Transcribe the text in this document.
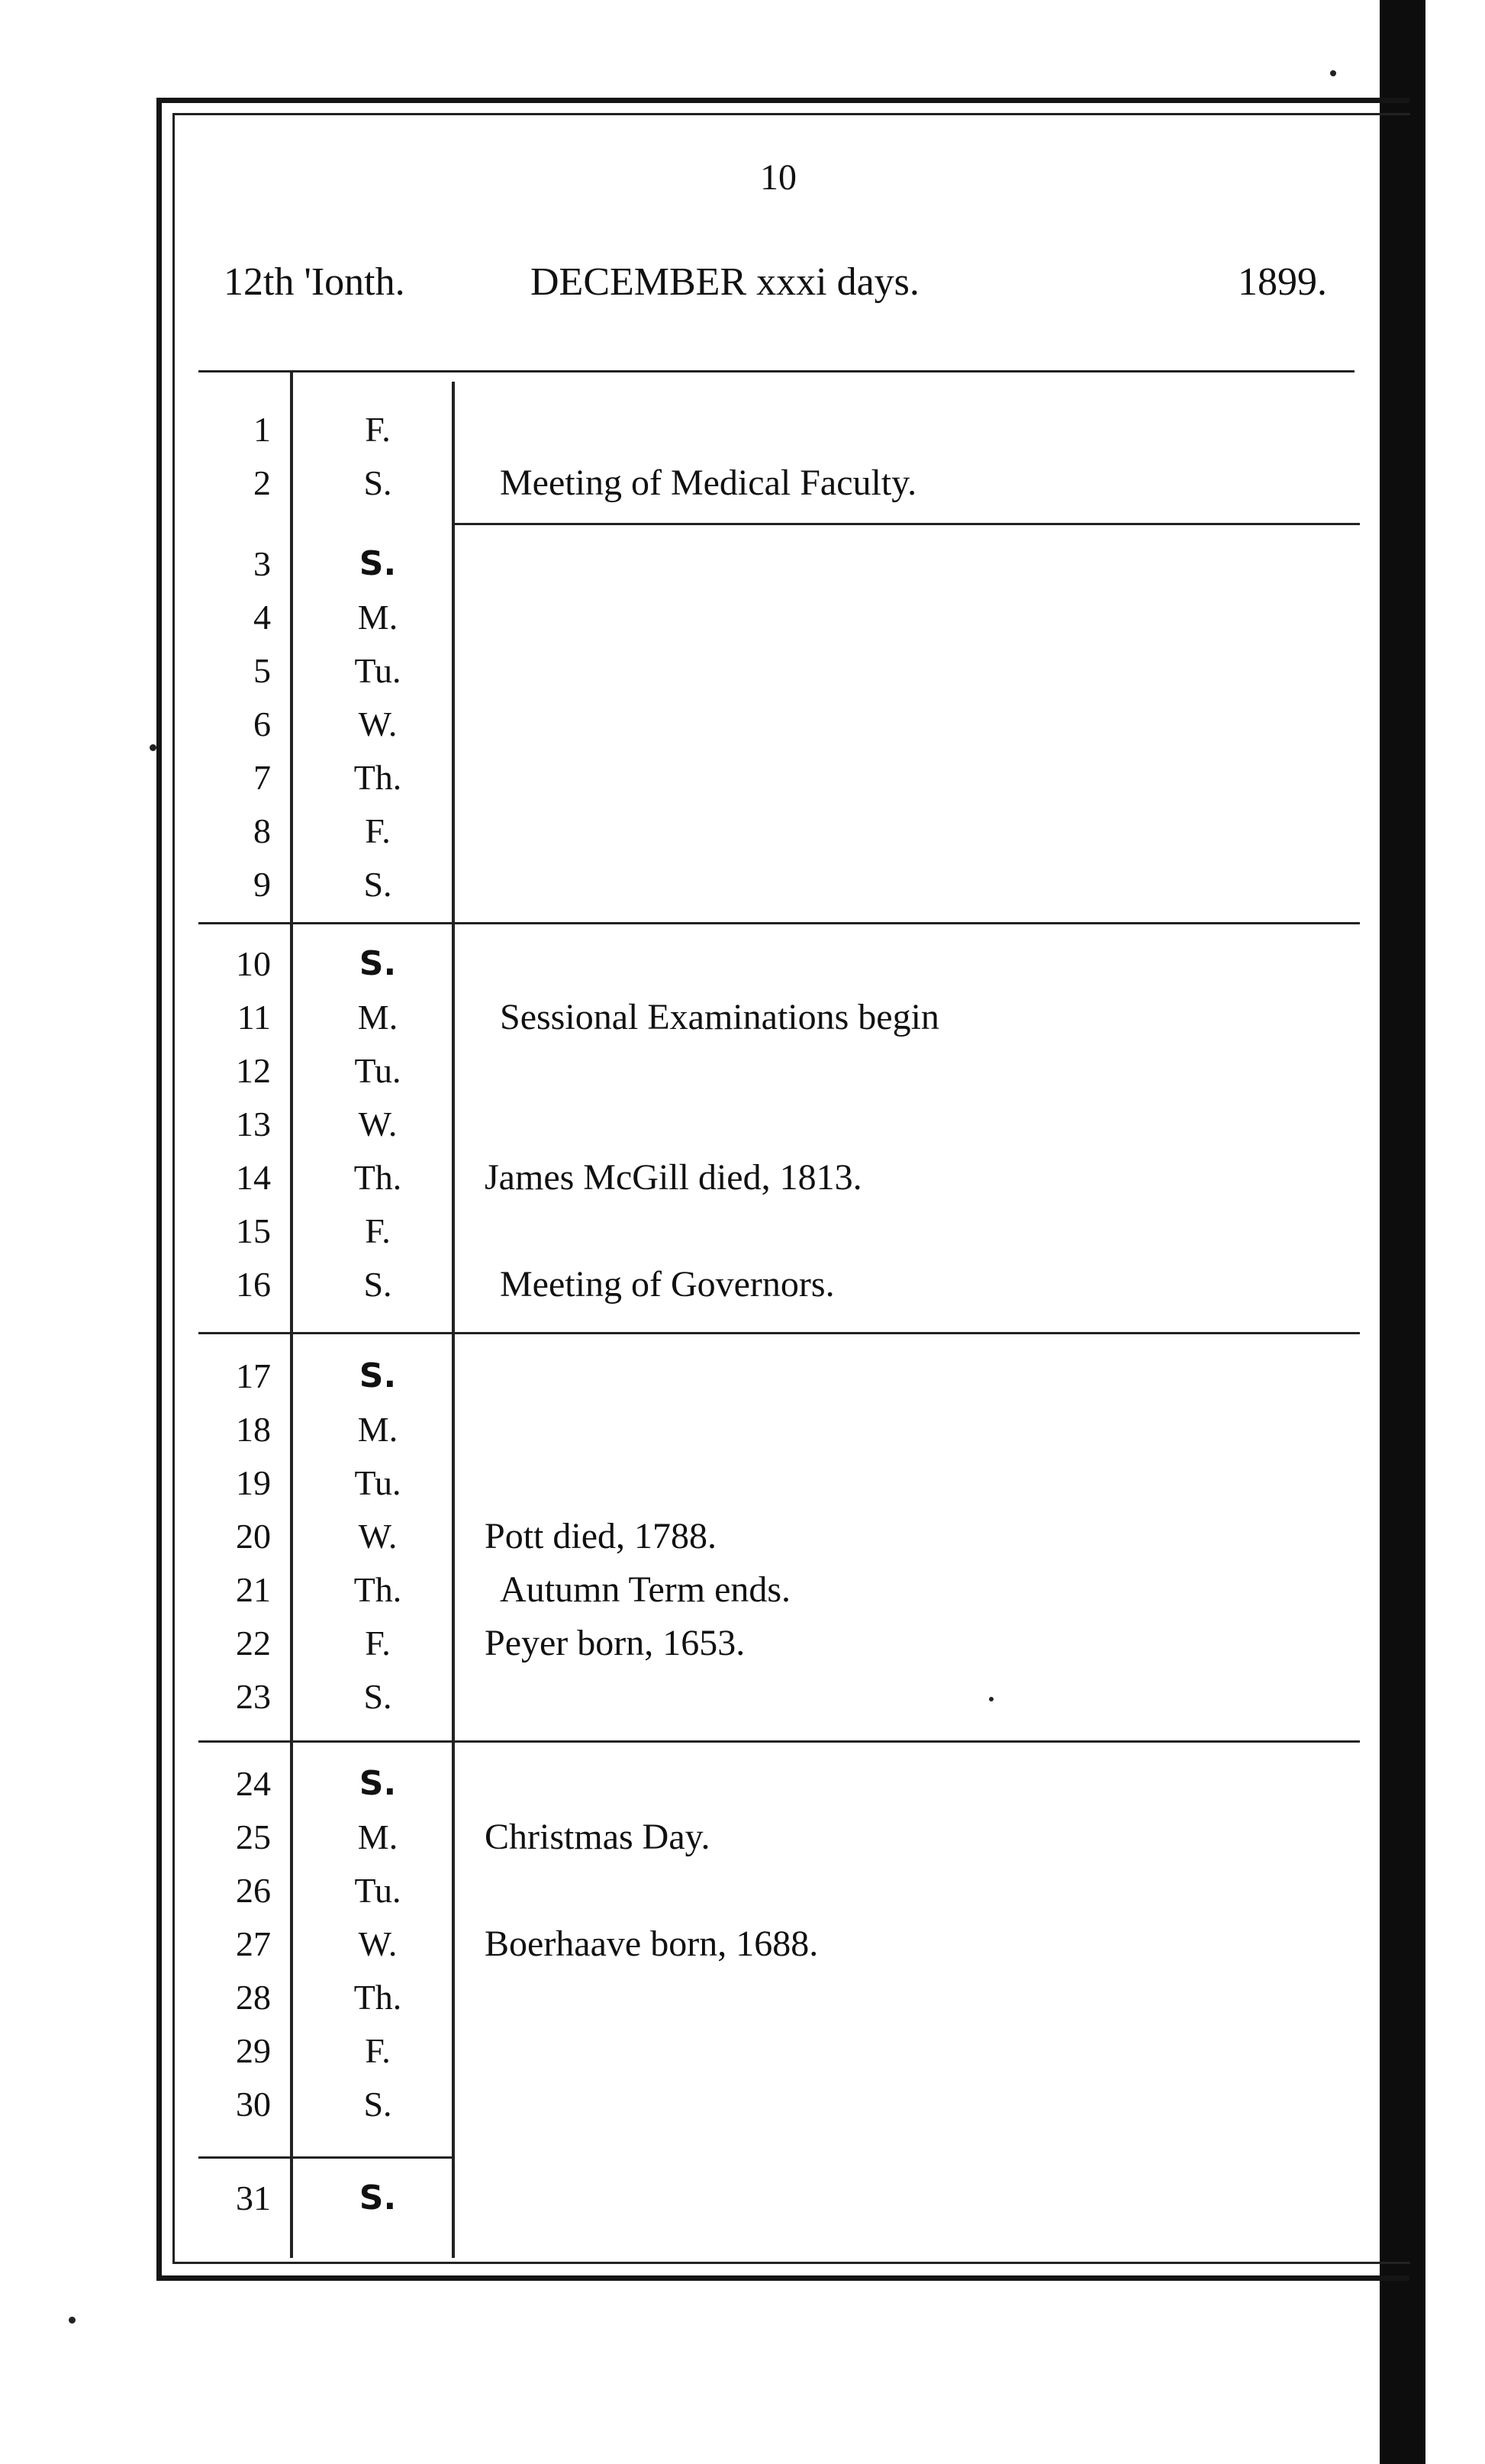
10
12th 'Ionth.	DECEMBER xxxi days.	1899.
1	F.
2	S.	Meeting of Medical Faculty.
3	S.
4	M.
5	Tu.
6	W.
7	Th.
8	F.
9	S.
10	S.
11	M.	Sessional Examinations begin
12	Tu.
13	W.
14	Th.	James McGill died, 1813.
15	F.
16	S.	Meeting of Governors.
17	S.
18	M.
19	Tu.
20	W.	Pott died, 1788.
21	Th.	Autumn Term ends.
22	F.	Peyer born, 1653.
23	S.
24	S.
25	M.	Christmas Day.
26	Tu.
27	W.	Boerhaave born, 1688.
28	Th.
29	F.
30	S.
31	S.
